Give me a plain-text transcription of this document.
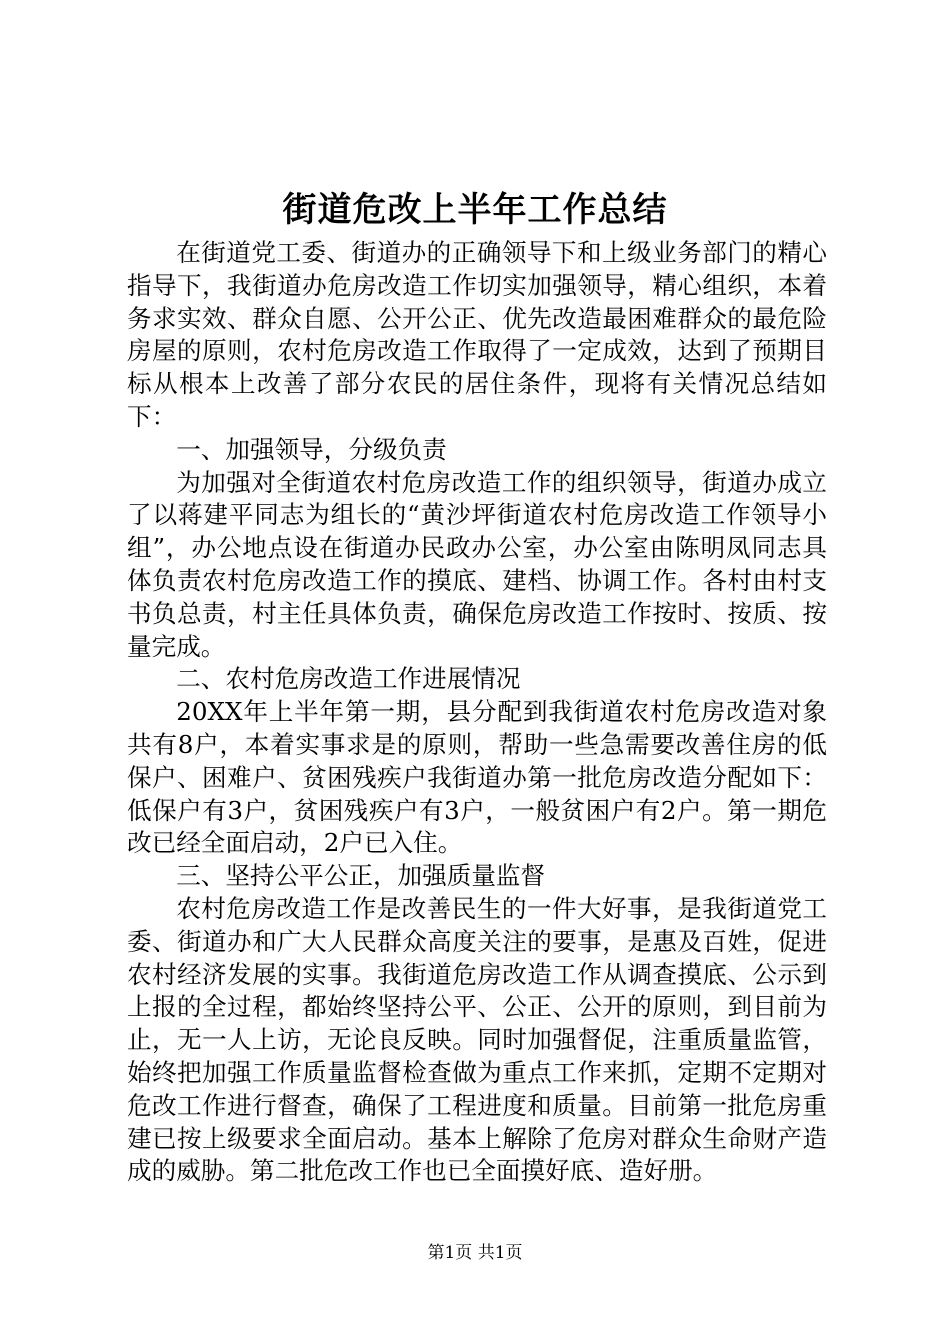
街道危改上半年工作总结

在街道党工委、街道办的正确领导下和上级业务部门的精心指导下，我街道办危房改造工作切实加强领导，精心组织，本着务求实效、群众自愿、公开公正、优先改造最困难群众的最危险房屋的原则，农村危房改造工作取得了一定成效，达到了预期目标从根本上改善了部分农民的居住条件，现将有关情况总结如下：

一、加强领导，分级负责

为加强对全街道农村危房改造工作的组织领导，街道办成立了以蒋建平同志为组长的“黄沙坪街道农村危房改造工作领导小组”，办公地点设在街道办民政办公室，办公室由陈明凤同志具体负责农村危房改造工作的摸底、建档、协调工作。各村由村支书负总责，村主任具体负责，确保危房改造工作按时、按质、按量完成。

二、农村危房改造工作进展情况

20XX年上半年第一期，县分配到我街道农村危房改造对象共有8户，本着实事求是的原则，帮助一些急需要改善住房的低保户、困难户、贫困残疾户我街道办第一批危房改造分配如下：低保户有3户，贫困残疾户有3户，一般贫困户有2户。第一期危改已经全面启动，2户已入住。

三、坚持公平公正，加强质量监督

农村危房改造工作是改善民生的一件大好事，是我街道党工委、街道办和广大人民群众高度关注的要事，是惠及百姓，促进农村经济发展的实事。我街道危房改造工作从调查摸底、公示到上报的全过程，都始终坚持公平、公正、公开的原则，到目前为止，无一人上访，无论良反映。同时加强督促，注重质量监管，始终把加强工作质量监督检查做为重点工作来抓，定期不定期对危改工作进行督查，确保了工程进度和质量。目前第一批危房重建已按上级要求全面启动。基本上解除了危房对群众生命财产造成的威胁。第二批危改工作也已全面摸好底、造好册。

第1页 共1页
